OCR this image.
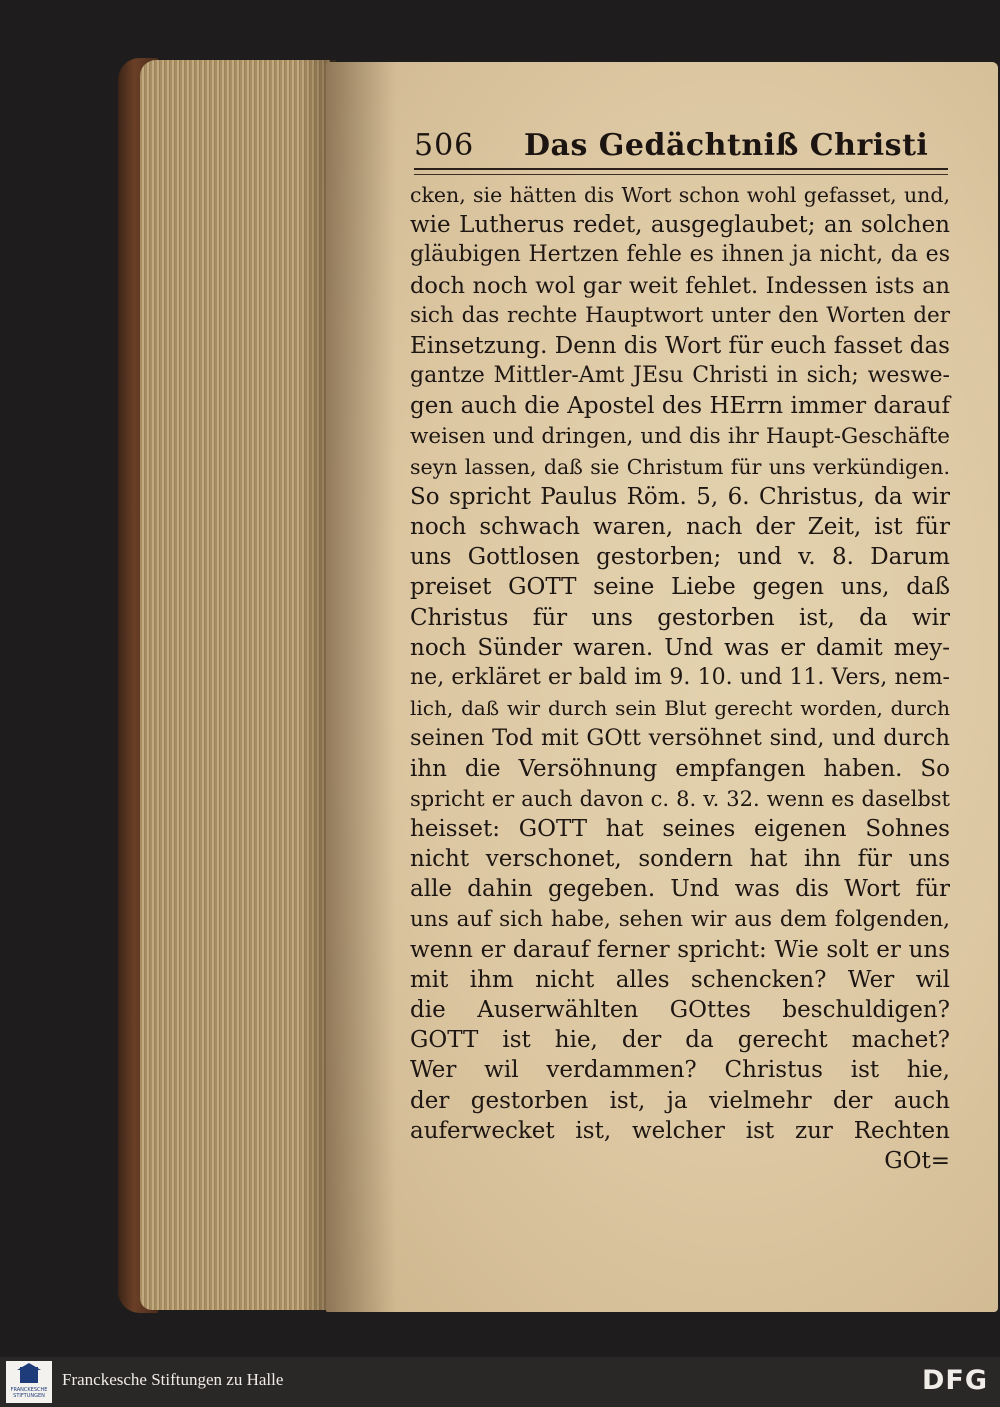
506 Das Gedächtniß Christi
cken, sie hätten dis Wort schon wohl gefasset, und,
wie Lutherus redet, ausgeglaubet; an solchen
gläubigen Hertzen fehle es ihnen ja nicht, da es
doch noch wol gar weit fehlet. Indessen ists an
sich das rechte Hauptwort unter den Worten der
Einsetzung. Denn dis Wort für euch fasset das
gantze Mittler-Amt JEsu Christi in sich; weswe-
gen auch die Apostel des HErrn immer darauf
weisen und dringen, und dis ihr Haupt-Geschäfte
seyn lassen, daß sie Christum für uns verkündigen.
So spricht Paulus Röm. 5, 6. Christus, da wir
noch schwach waren, nach der Zeit, ist für
uns Gottlosen gestorben; und v. 8. Darum
preiset GOTT seine Liebe gegen uns, daß
Christus für uns gestorben ist, da wir
noch Sünder waren. Und was er damit mey-
ne, erkläret er bald im 9. 10. und 11. Vers, nem-
lich, daß wir durch sein Blut gerecht worden, durch
seinen Tod mit GOtt versöhnet sind, und durch
ihn die Versöhnung empfangen haben. So
spricht er auch davon c. 8. v. 32. wenn es daselbst
heisset: GOTT hat seines eigenen Sohnes
nicht verschonet, sondern hat ihn für uns
alle dahin gegeben. Und was dis Wort für
uns auf sich habe, sehen wir aus dem folgenden,
wenn er darauf ferner spricht: Wie solt er uns
mit ihm nicht alles schencken? Wer wil
die Auserwählten GOttes beschuldigen?
GOTT ist hie, der da gerecht machet?
Wer wil verdammen? Christus ist hie,
der gestorben ist, ja vielmehr der auch
auferwecket ist, welcher ist zur Rechten
GOt=
FRANCKESCHE STIFTUNGEN
Franckesche Stiftungen zu Halle	DFG
